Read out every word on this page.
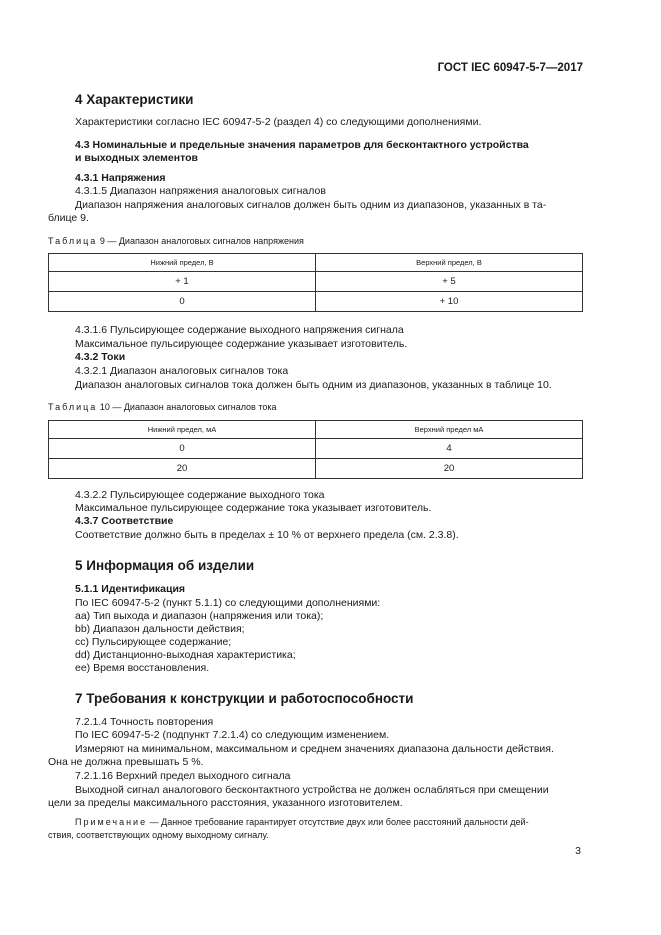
ГОСТ IEC 60947-5-7—2017
4 Характеристики
Характеристики согласно IEC 60947-5-2 (раздел 4) со следующими дополнениями.
4.3 Номинальные и предельные значения параметров для бесконтактного устройства
и выходных элементов
4.3.1 Напряжения
4.3.1.5 Диапазон напряжения аналоговых сигналов
Диапазон напряжения аналоговых сигналов должен быть одним из диапазонов, указанных в та-
блице 9.
Таблица 9 — Диапазон аналоговых сигналов напряжения
Нижний предел, В	Верхний предел, В
+ 1	+ 5
0	+ 10
4.3.1.6 Пульсирующее содержание выходного напряжения сигнала
Максимальное пульсирующее содержание указывает изготовитель.
4.3.2 Токи
4.3.2.1 Диапазон аналоговых сигналов тока
Диапазон аналоговых сигналов тока должен быть одним из диапазонов, указанных в таблице 10.
Таблица 10 — Диапазон аналоговых сигналов тока
Нижний предел, мА	Верхний предел мА
0	4
20	20
4.3.2.2 Пульсирующее содержание выходного тока
Максимальное пульсирующее содержание тока указывает изготовитель.
4.3.7 Соответствие
Соответствие должно быть в пределах ± 10 % от верхнего предела (см. 2.3.8).
5 Информация об изделии
5.1.1 Идентификация
По IEC 60947-5-2 (пункт 5.1.1) со следующими дополнениями:
аа) Тип выхода и диапазон (напряжения или тока);
bb) Диапазон дальности действия;
cc) Пульсирующее содержание;
dd) Дистанционно-выходная характеристика;
ee) Время восстановления.
7 Требования к конструкции и работоспособности
7.2.1.4 Точность повторения
По IEC 60947-5-2 (подпункт 7.2.1.4) со следующим изменением.
Измеряют на минимальном, максимальном и среднем значениях диапазона дальности действия.
Она не должна превышать 5 %.
7.2.1.16 Верхний предел выходного сигнала
Выходной сигнал аналогового бесконтактного устройства не должен ослабляться при смещении
цели за пределы максимального расстояния, указанного изготовителем.
Примечание — Данное требование гарантирует отсутствие двух или более расстояний дальности дей-
ствия, соответствующих одному выходному сигналу.
3
